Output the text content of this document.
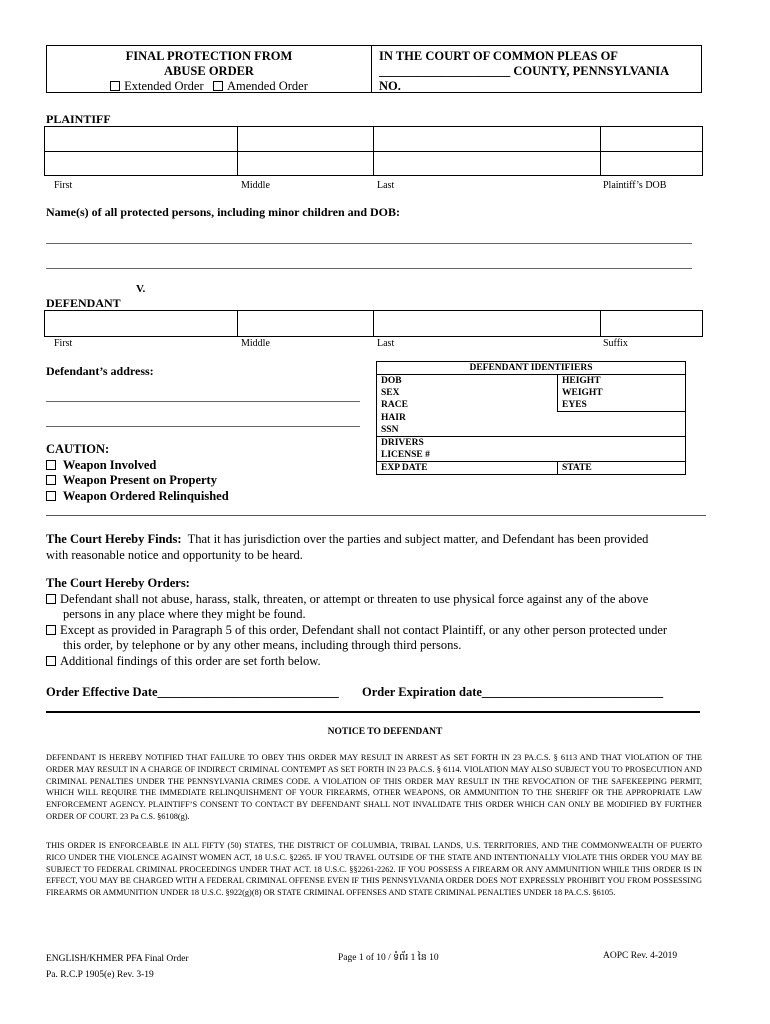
FINAL PROTECTION FROM
ABUSE ORDER
Extended Order Amended Order
IN THE COURT OF COMMON PLEAS OF
_____________________ COUNTY, PENNSYLVANIA
NO.
PLAINTIFF
First	Middle	Last	Plaintiff’s DOB
Name(s) of all protected persons, including minor children and DOB:
V.
DEFENDANT
First	Middle	Last	Suffix
Defendant’s address:	DEFENDANT IDENTIFIERS	
DOB	HEIGHT
SEX	WEIGHT
RACE	EYES
HAIR	
SSN	

DRIVERS
LICENSE #	

EXP DATE	STATE
CAUTION:
Weapon Involved
Weapon Present on Property
Weapon Ordered Relinquished
The Court Hereby Finds: That it has jurisdiction over the parties and subject matter, and Defendant has been provided
with reasonable notice and opportunity to be heard.
The Court Hereby Orders:
Defendant shall not abuse, harass, stalk, threaten, or attempt or threaten to use physical force against any of the above
persons in any place where they might be found.
Except as provided in Paragraph 5 of this order, Defendant shall not contact Plaintiff, or any other person protected under
this order, by telephone or by any other means, including through third persons.
Additional findings of this order are set forth below.
Order Effective Date_____________________________ Order Expiration date_____________________________
NOTICE TO DEFENDANT
DEFENDANT IS HEREBY NOTIFIED THAT FAILURE TO OBEY THIS ORDER MAY RESULT IN ARREST AS SET FORTH IN 23 PA.C.S. § 6113 AND THAT VIOLATION OF THE ORDER MAY RESULT IN A CHARGE OF INDIRECT CRIMINAL CONTEMPT AS SET FORTH IN 23 PA.C.S. § 6114. VIOLATION MAY ALSO SUBJECT YOU TO PROSECUTION AND CRIMINAL PENALTIES UNDER THE PENNSYLVANIA CRIMES CODE. A VIOLATION OF THIS ORDER MAY RESULT IN THE REVOCATION OF THE SAFEKEEPING PERMIT, WHICH WILL REQUIRE THE IMMEDIATE RELINQUISHMENT OF YOUR FIREARMS, OTHER WEAPONS, OR AMMUNITION TO THE SHERIFF OR THE APPROPRIATE LAW ENFORCEMENT AGENCY. PLAINTIFF’S CONSENT TO CONTACT BY DEFENDANT SHALL NOT INVALIDATE THIS ORDER WHICH CAN ONLY BE MODIFIED BY FURTHER ORDER OF COURT. 23 Pa C.S. §6108(g).
THIS ORDER IS ENFORCEABLE IN ALL FIFTY (50) STATES, THE DISTRICT OF COLUMBIA, TRIBAL LANDS, U.S. TERRITORIES, AND THE COMMONWEALTH OF PUERTO RICO UNDER THE VIOLENCE AGAINST WOMEN ACT, 18 U.S.C. §2265. IF YOU TRAVEL OUTSIDE OF THE STATE AND INTENTIONALLY VIOLATE THIS ORDER YOU MAY BE SUBJECT TO FEDERAL CRIMINAL PROCEEDINGS UNDER THAT ACT. 18 U.S.C. §§2261-2262. IF YOU POSSESS A FIREARM OR ANY AMMUNITION WHILE THIS ORDER IS IN EFFECT, YOU MAY BE CHARGED WITH A FEDERAL CRIMINAL OFFENSE EVEN IF THIS PENNSYLVANIA ORDER DOES NOT EXPRESSLY PROHIBIT YOU FROM POSSESSING FIREARMS OR AMMUNITION UNDER 18 U.S.C. §922(g)(8) OR STATE CRIMINAL OFFENSES AND STATE CRIMINAL PENALTIES UNDER 18 PA.C.S. §6105.
ENGLISH/KHMER PFA Final Order
Pa. R.C.P 1905(e) Rev. 3-19
Page 1 of 10 / ទំព័រ 1 នៃ 10	AOPC Rev. 4-2019
